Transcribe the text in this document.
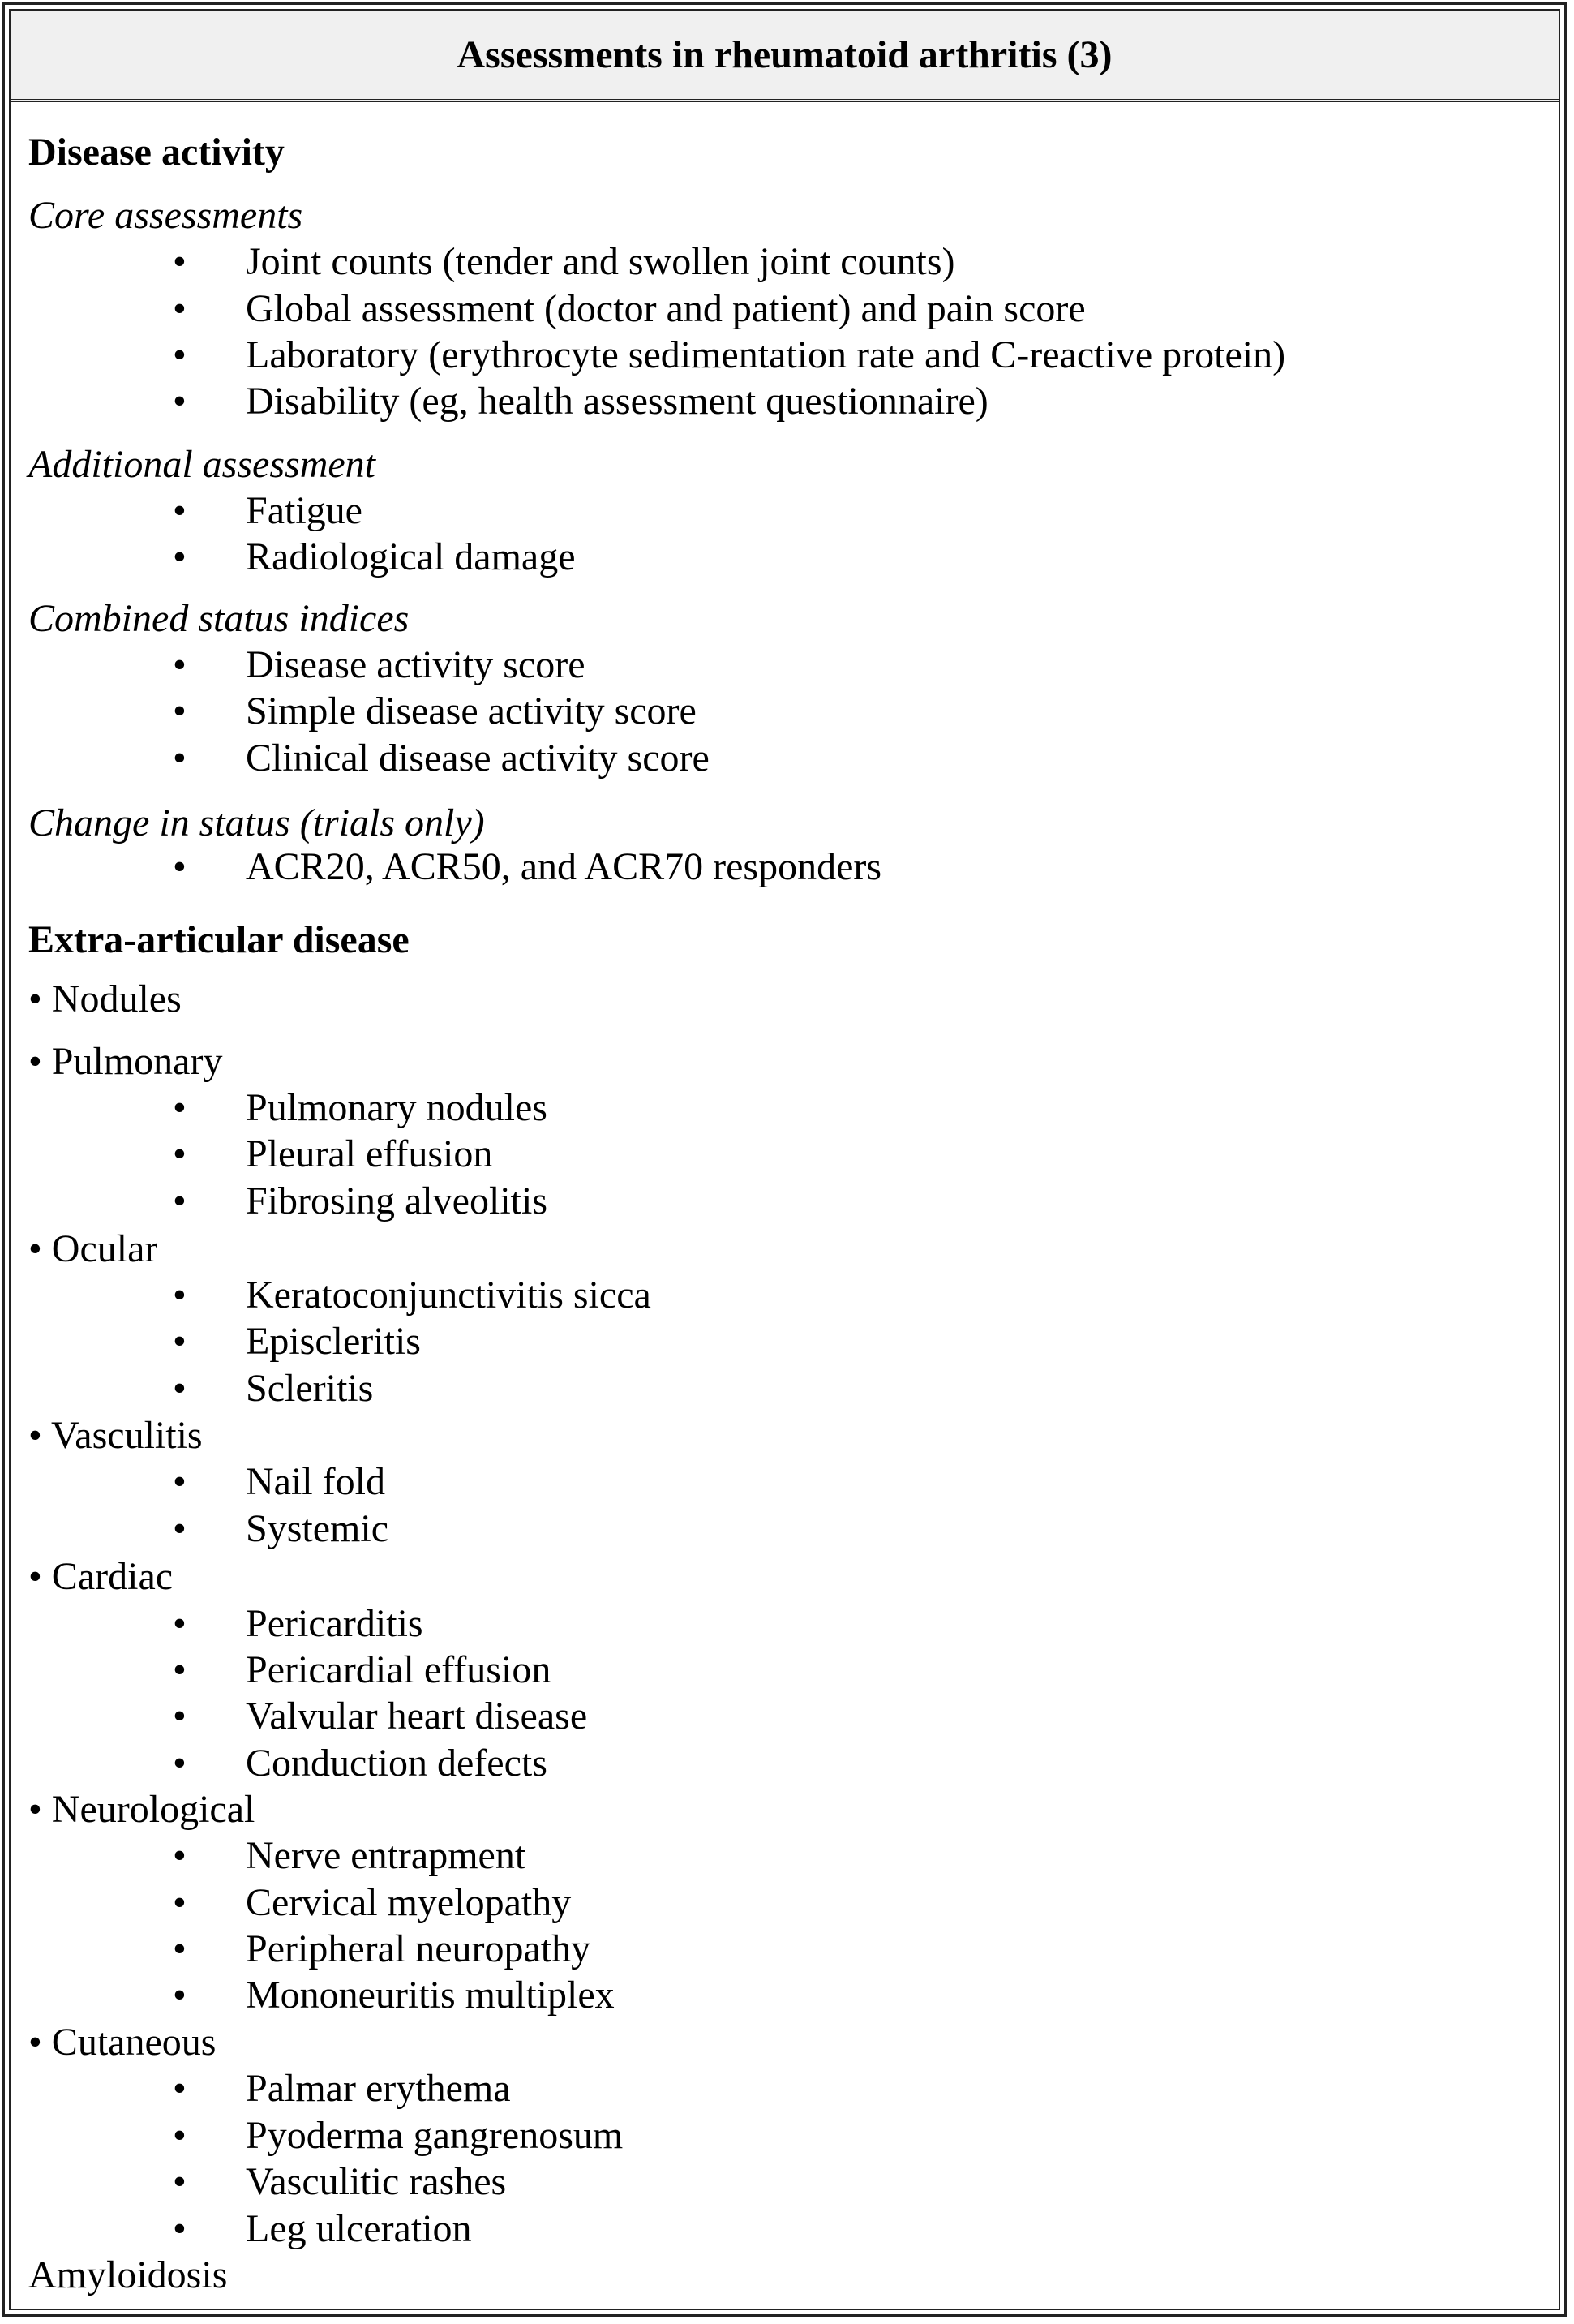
Assessments in rheumatoid arthritis (3)
Disease activity
Core assessments
• Joint counts (tender and swollen joint counts)
• Global assessment (doctor and patient) and pain score
• Laboratory (erythrocyte sedimentation rate and C-reactive protein)
• Disability (eg, health assessment questionnaire)
Additional assessment
• Fatigue
• Radiological damage
Combined status indices
• Disease activity score
• Simple disease activity score
• Clinical disease activity score
Change in status (trials only)
• ACR20, ACR50, and ACR70 responders
Extra-articular disease
• Nodules
• Pulmonary
• Pulmonary nodules
• Pleural effusion
• Fibrosing alveolitis
• Ocular
• Keratoconjunctivitis sicca
• Episcleritis
• Scleritis
• Vasculitis
• Nail fold
• Systemic
• Cardiac
• Pericarditis
• Pericardial effusion
• Valvular heart disease
• Conduction defects
• Neurological
• Nerve entrapment
• Cervical myelopathy
• Peripheral neuropathy
• Mononeuritis multiplex
• Cutaneous
• Palmar erythema
• Pyoderma gangrenosum
• Vasculitic rashes
• Leg ulceration
Amyloidosis
